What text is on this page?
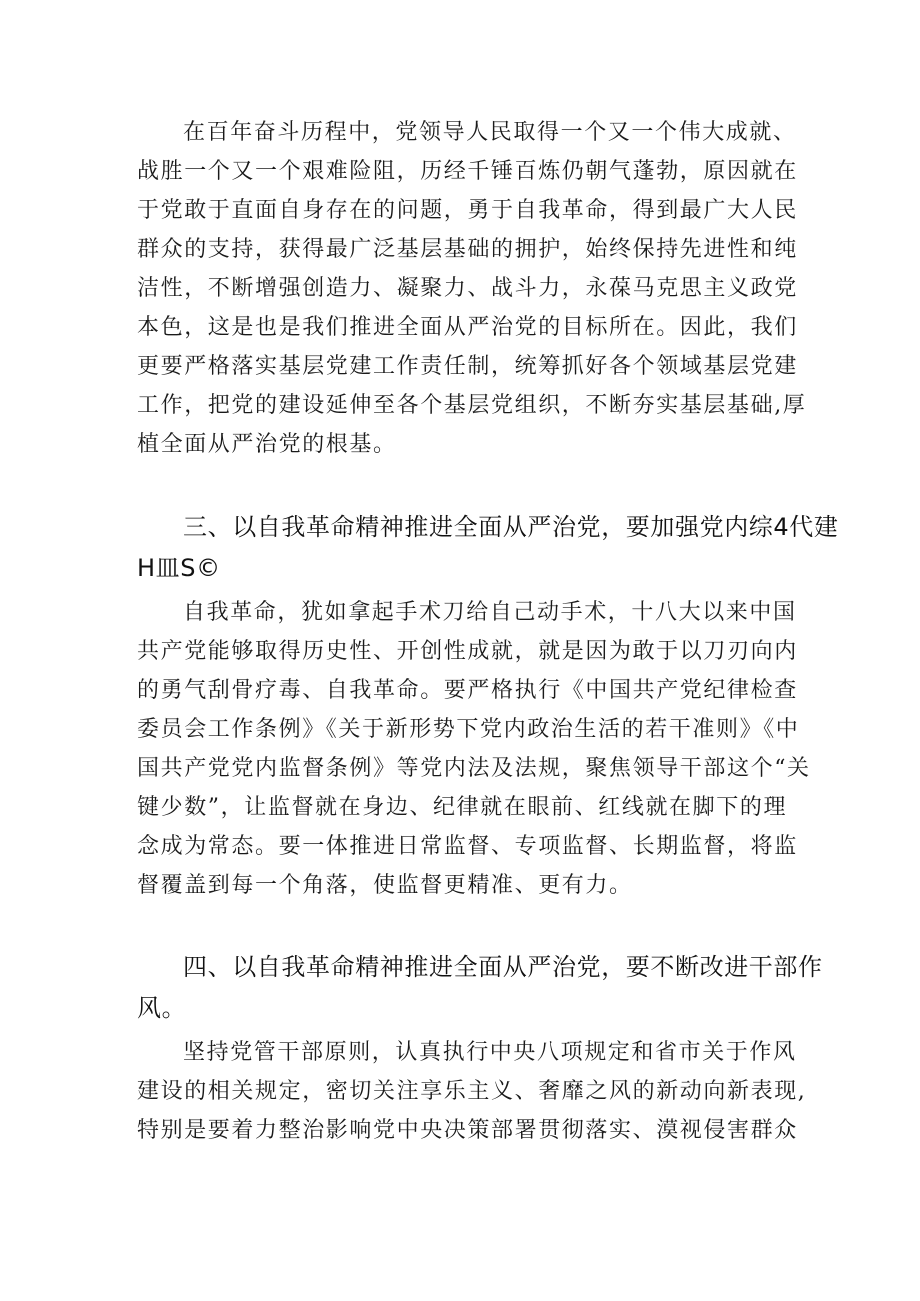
在百年奋斗历程中，党领导人民取得一个又一个伟大成就、
战胜一个又一个艰难险阻，历经千锤百炼仍朝气蓬勃，原因就在
于党敢于直面自身存在的问题，勇于自我革命，得到最广大人民
群众的支持，获得最广泛基层基础的拥护，始终保持先进性和纯
洁性，不断增强创造力、凝聚力、战斗力，永葆马克思主义政党
本色，这是也是我们推进全面从严治党的目标所在。因此，我们
更要严格落实基层党建工作责任制，统筹抓好各个领域基层党建
工作，把党的建设延伸至各个基层党组织，不断夯实基层基础,厚
植全面从严治党的根基。

三、以自我革命精神推进全面从严治党，要加强党内综4代建
H皿S©

自我革命，犹如拿起手术刀给自己动手术，十八大以来中国
共产党能够取得历史性、开创性成就，就是因为敢于以刀刃向内
的勇气刮骨疗毒、自我革命。要严格执行《中国共产党纪律检查
委员会工作条例》《关于新形势下党内政治生活的若干准则》《中
国共产党党内监督条例》等党内法及法规，聚焦领导干部这个“关
键少数”，让监督就在身边、纪律就在眼前、红线就在脚下的理
念成为常态。要一体推进日常监督、专项监督、长期监督，将监
督覆盖到每一个角落，使监督更精准、更有力。

四、以自我革命精神推进全面从严治党，要不断改进干部作
风。

坚持党管干部原则，认真执行中央八项规定和省市关于作风
建设的相关规定，密切关注享乐主义、奢靡之风的新动向新表现,
特别是要着力整治影响党中央决策部署贯彻落实、漠视侵害群众
